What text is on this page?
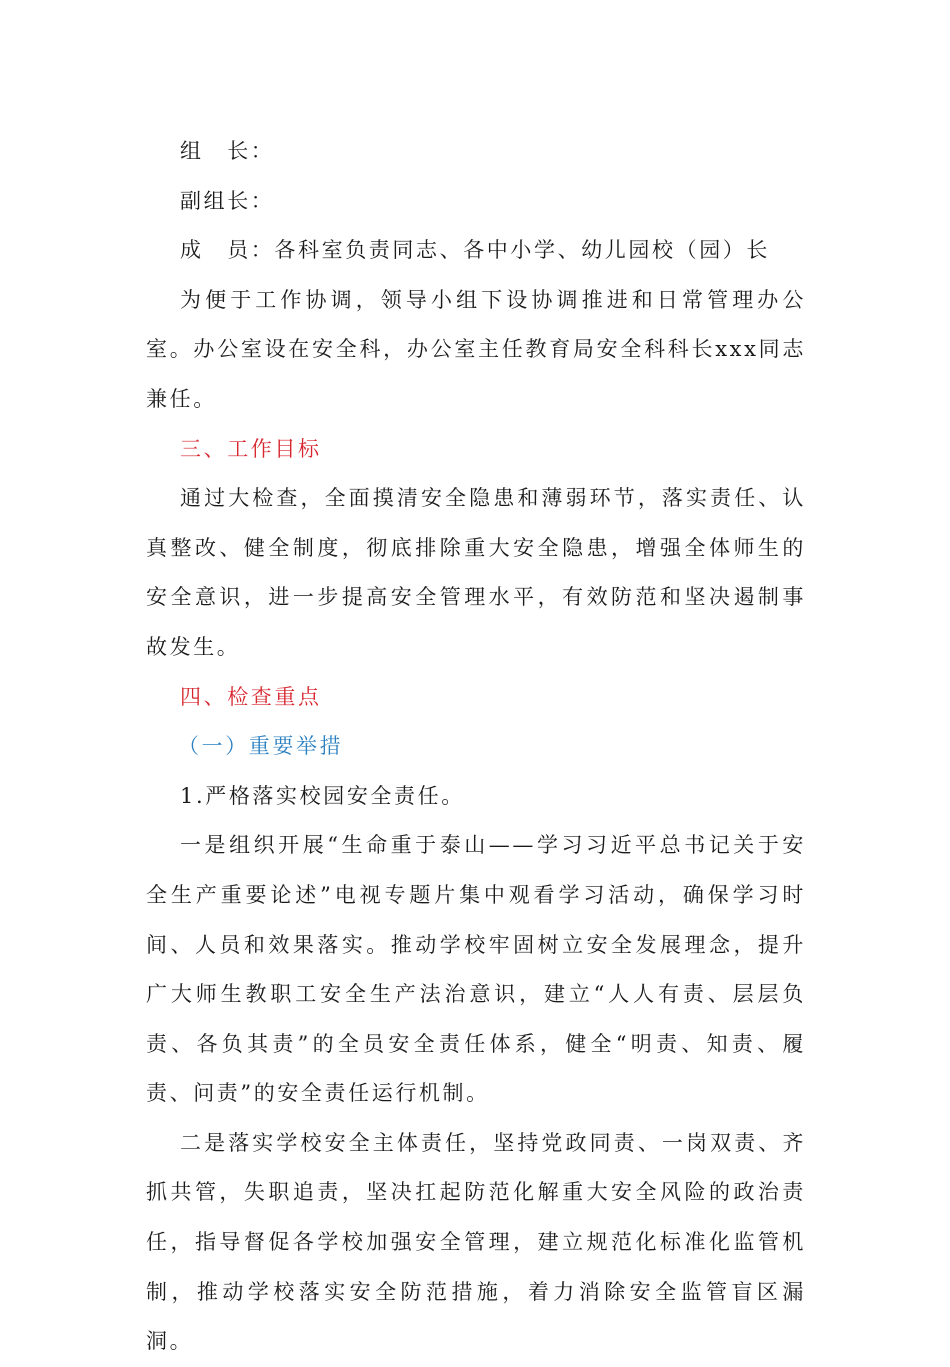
组　长：

副组长：

成　员：各科室负责同志、各中小学、幼儿园校（园）长

为便于工作协调，领导小组下设协调推进和日常管理办公室。办公室设在安全科，办公室主任教育局安全科科长xxx同志兼任。

三、工作目标

通过大检查，全面摸清安全隐患和薄弱环节，落实责任、认真整改、健全制度，彻底排除重大安全隐患，增强全体师生的安全意识，进一步提高安全管理水平，有效防范和坚决遏制事故发生。

四、检查重点

（一）重要举措

1.严格落实校园安全责任。

一是组织开展“生命重于泰山——学习习近平总书记关于安全生产重要论述”电视专题片集中观看学习活动，确保学习时间、人员和效果落实。推动学校牢固树立安全发展理念，提升广大师生教职工安全生产法治意识，建立“人人有责、层层负责、各负其责”的全员安全责任体系，健全“明责、知责、履责、问责”的安全责任运行机制。

二是落实学校安全主体责任，坚持党政同责、一岗双责、齐抓共管，失职追责，坚决扛起防范化解重大安全风险的政治责任，指导督促各学校加强安全管理，建立规范化标准化监管机制，推动学校落实安全防范措施，着力消除安全监管盲区漏洞。
